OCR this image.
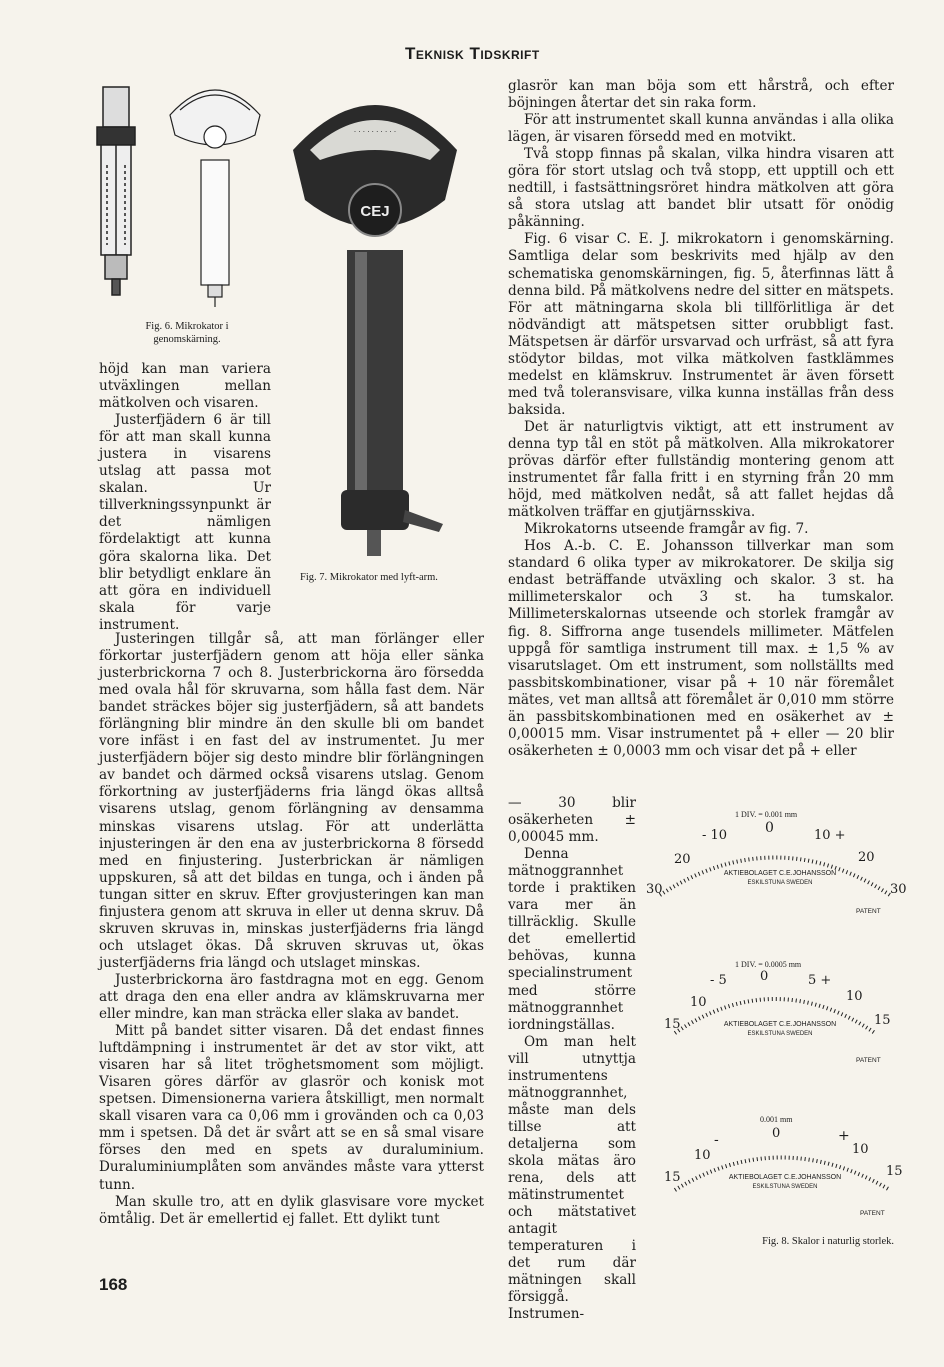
Teknisk Tidskrift
Fig. 6. Mikrokator i genomskärning.
. . . . . . . . . .
CEJ
Fig. 7. Mikrokator med lyft-arm.

höjd kan man variera utväxlingen mellan mätkolven och visaren.

Justerfjädern 6 är till för att man skall kunna justera in visarens utslag att passa mot skalan. Ur tillverkningssynpunkt är det nämligen fördelaktigt att kunna göra skalorna lika. Det blir betydligt enklare än att göra en individuell skala för varje instrument.

Justeringen tillgår så, att man förlänger eller förkortar justerfjädern genom att höja eller sänka justerbrickorna 7 och 8. Justerbrickorna äro försedda med ovala hål för skruvarna, som hålla fast dem. När bandet sträckes böjer sig justerfjädern, så att bandets förlängning blir mindre än den skulle bli om bandet vore infäst i en fast del av instrumentet. Ju mer justerfjädern böjer sig desto mindre blir förlängningen av bandet och därmed också visarens utslag. Genom förkortning av justerfjäderns fria längd ökas alltså visarens utslag, genom förlängning av densamma minskas visarens utslag. För att underlätta injusteringen är den ena av justerbrickorna 8 försedd med en finjustering. Justerbrickan är nämligen uppskuren, så att det bildas en tunga, och i änden på tungan sitter en skruv. Efter grovjusteringen kan man finjustera genom att skruva in eller ut denna skruv. Då skruven skruvas in, minskas justerfjäderns fria längd och utslaget ökas. Då skruven skruvas ut, ökas justerfjäderns fria längd och utslaget minskas.

Justerbrickorna äro fastdragna mot en egg. Genom att draga den ena eller andra av klämskruvarna mer eller mindre, kan man sträcka eller slaka av bandet.

Mitt på bandet sitter visaren. Då det endast finnes luftdämpning i instrumentet är det av stor vikt, att visaren har så litet tröghetsmoment som möjligt. Visaren göres därför av glasrör och konisk mot spetsen. Dimensionerna variera åtskilligt, men normalt skall visaren vara ca 0,06 mm i grovänden och ca 0,03 mm i spetsen. Då det är svårt att se en så smal visare förses den med en spets av duraluminium. Duraluminiumplåten som användes måste vara ytterst tunn.

Man skulle tro, att en dylik glasvisare vore mycket ömtålig. Det är emellertid ej fallet. Ett dylikt tunt

glasrör kan man böja som ett hårstrå, och efter böjningen återtar det sin raka form.

För att instrumentet skall kunna användas i alla olika lägen, är visaren försedd med en motvikt.

Två stopp finnas på skalan, vilka hindra visaren att göra för stort utslag och två stopp, ett upptill och ett nedtill, i fastsättningsröret hindra mätkolven att göra så stora utslag att bandet blir utsatt för onödig påkänning.

Fig. 6 visar C. E. J. mikrokatorn i genomskärning. Samtliga delar som beskrivits med hjälp av den schematiska genomskärningen, fig. 5, återfinnas lätt å denna bild. På mätkolvens nedre del sitter en mätspets. För att mätningarna skola bli tillförlitliga är det nödvändigt att mätspetsen sitter orubbligt fast. Mätspetsen är därför ursvarvad och urfräst, så att fyra stödytor bildas, mot vilka mätkolven fastklämmes medelst en klämskruv. Instrumentet är även försett med två toleransvisare, vilka kunna inställas från dess baksida.

Det är naturligtvis viktigt, att ett instrument av denna typ tål en stöt på mätkolven. Alla mikrokatorer prövas därför efter fullständig montering genom att instrumentet får falla fritt i en styrning från 20 mm höjd, med mätkolven nedåt, så att fallet hejdas då mätkolven träffar en gjutjärnsskiva.

Mikrokatorns utseende framgår av fig. 7.

Hos A.-b. C. E. Johansson tillverkar man som standard 6 olika typer av mikrokatorer. De skilja sig endast beträffande utväxling och skalor. 3 st. ha millimeterskalor och 3 st. ha tumskalor. Millimeterskalornas utseende och storlek framgår av fig. 8. Siffrorna ange tusendels millimeter. Mätfelen uppgå för samtliga instrument till max. ± 1,5 % av visarutslaget. Om ett instrument, som nollställts med passbitskombinationer, visar på + 10 när föremålet mätes, vet man alltså att föremålet är 0,010 mm större än passbitskombinationen med en osäkerhet av ± 0,00015 mm. Visar instrumentet på + eller — 20 blir osäkerheten ± 0,0003 mm och visar det på + eller

— 30 blir osäkerheten ± 0,00045 mm.

Denna mätnoggrannhet torde i praktiken vara mer än tillräcklig. Skulle det emellertid behövas, kunna specialinstrument med större mätnoggrannhet iordningställas.

Om man helt vill utnyttja instrumentens mätnoggrannhet, måste man dels tillse att detaljerna som skola mätas äro rena, dels att mätinstrumentet och mätstativet antagit temperaturen i det rum där mätningen skall försiggå. Instrumen-

1 DIV. = 0.001 mm
0
- 10	10 +
20	20
30	30
AKTIEBOLAGET C.E.JOHANSSON
ESKILSTUNA SWEDEN
PATENT
1 DIV. = 0.0005 mm
0
- 5	5 +
10	10
15	15
AKTIEBOLAGET C.E.JOHANSSON
ESKILSTUNA SWEDEN
PATENT
0.001 mm
0
-	+
10	10
15	15
AKTIEBOLAGET C.E.JOHANSSON
ESKILSTUNA SWEDEN
PATENT
Fig. 8. Skalor i naturlig storlek.
168
